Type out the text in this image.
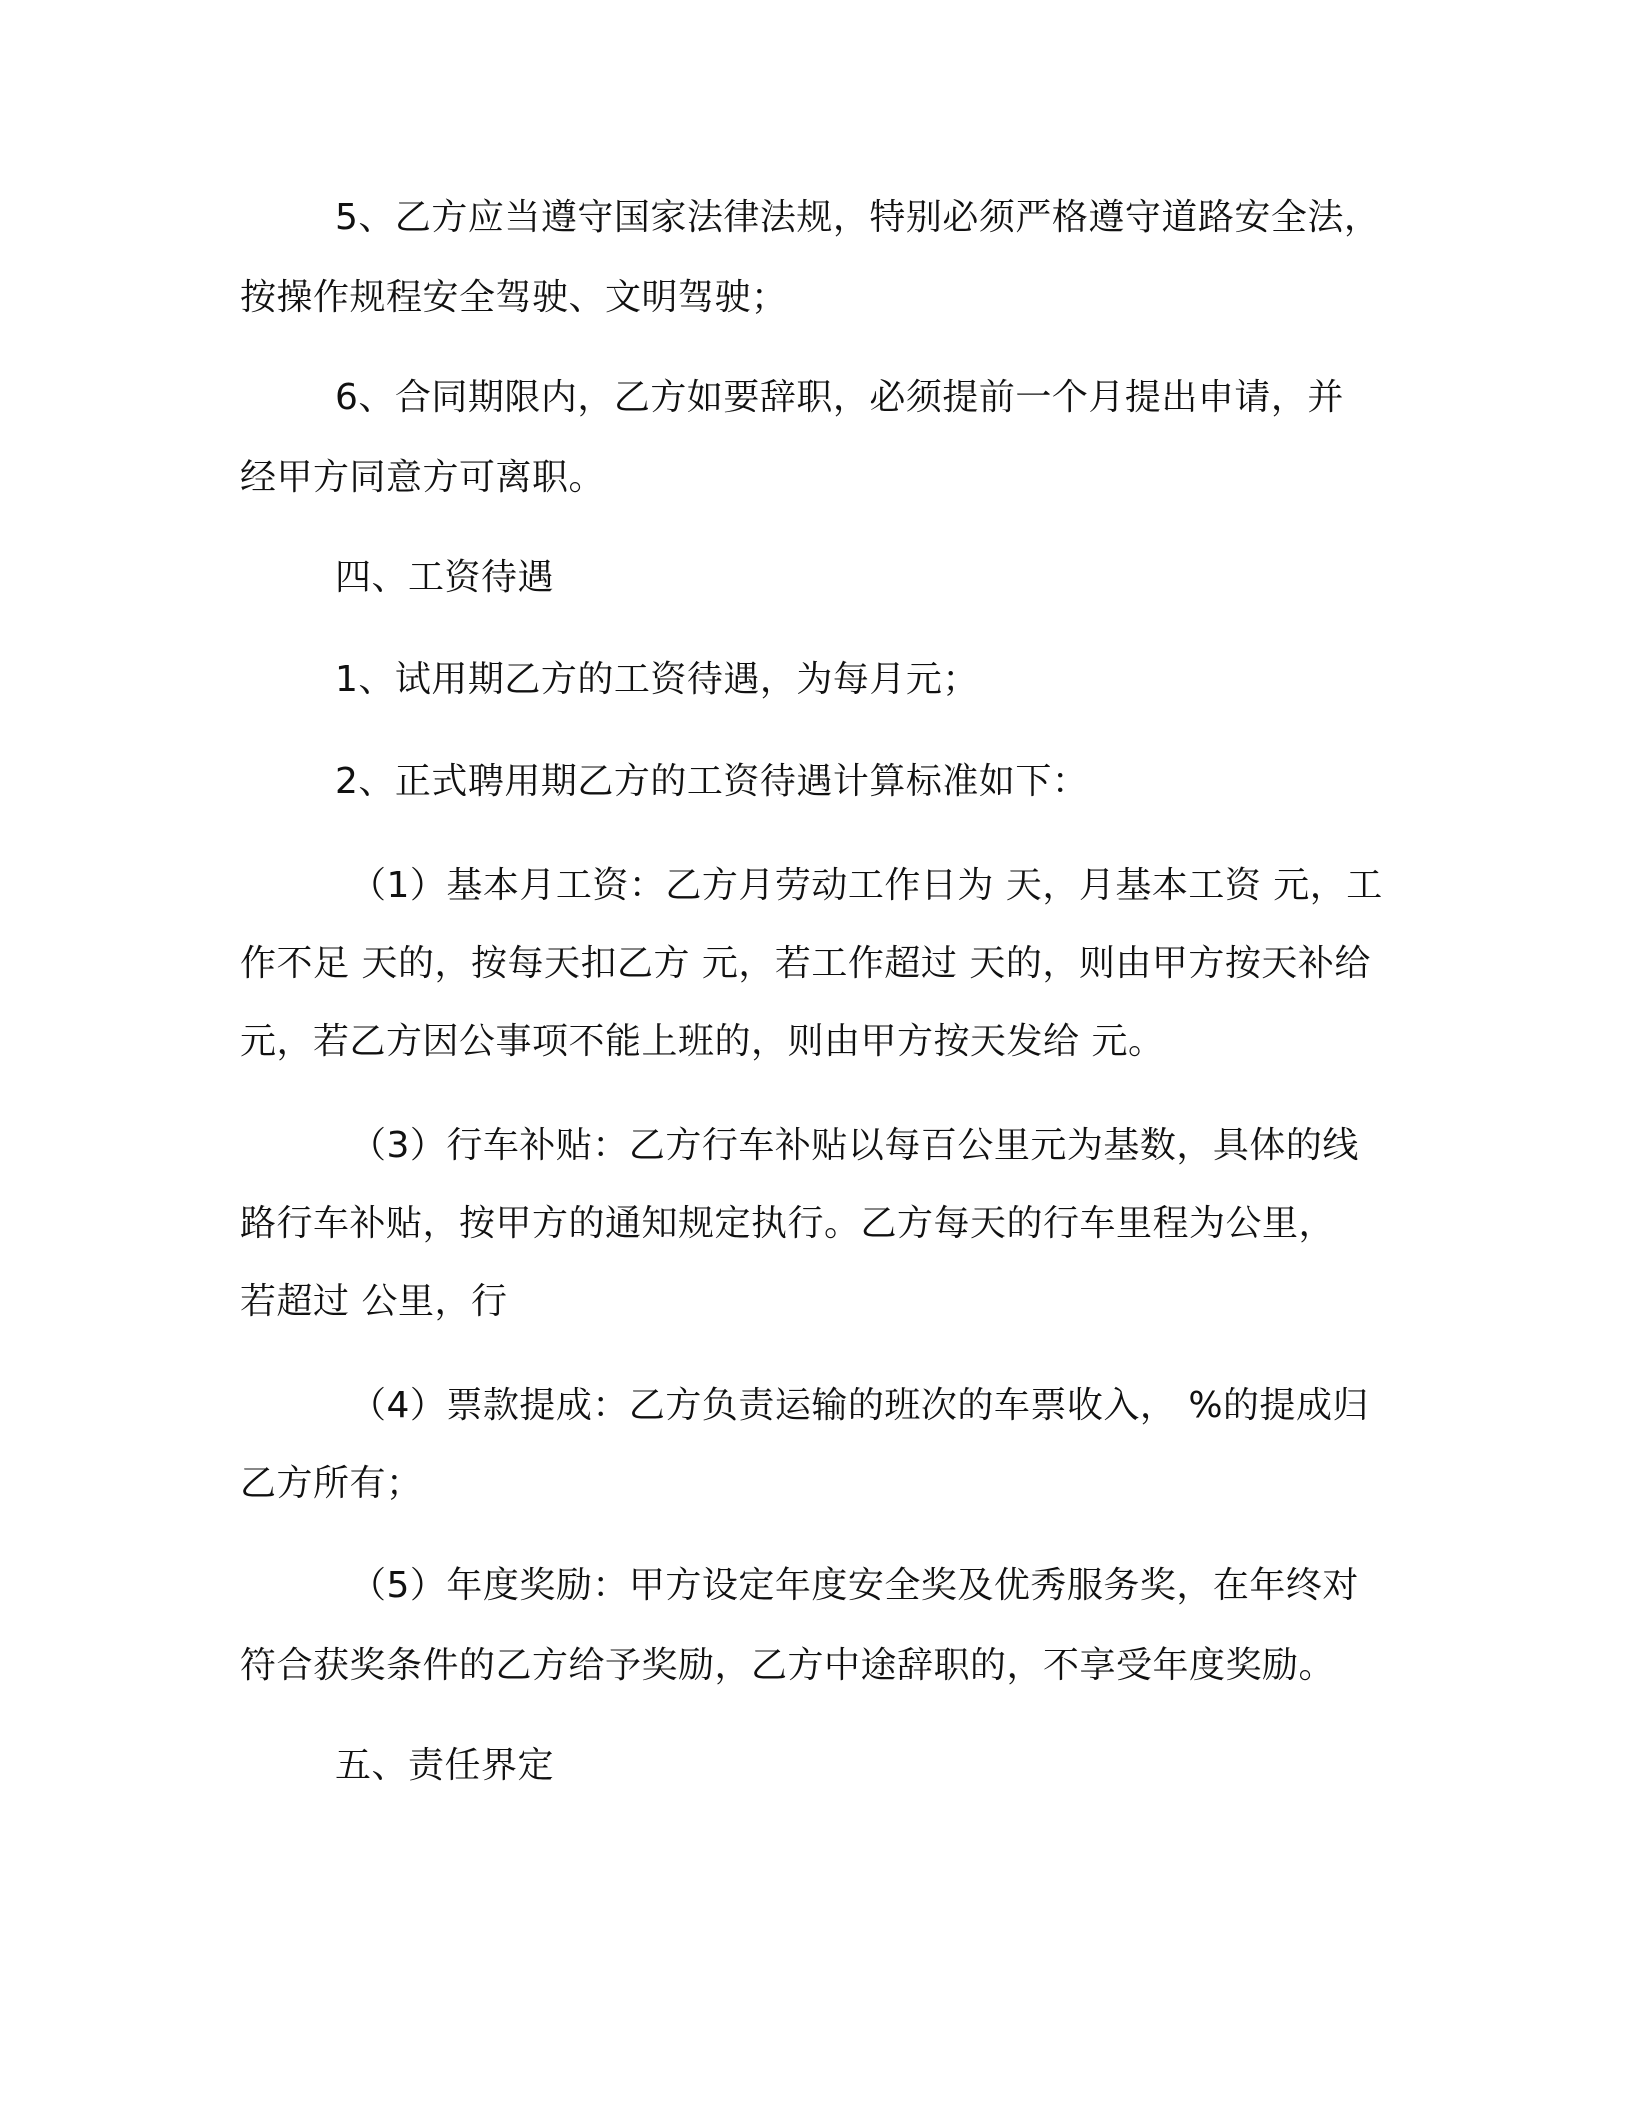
5、乙方应当遵守国家法律法规，特别必须严格遵守道路安全法，
按操作规程安全驾驶、文明驾驶；
6、合同期限内，乙方如要辞职，必须提前一个月提出申请，并
经甲方同意方可离职。
四、工资待遇
1、试用期乙方的工资待遇，为每月元；
2、正式聘用期乙方的工资待遇计算标准如下：
（1）基本月工资：乙方月劳动工作日为 天，月基本工资 元，工
作不足 天的，按每天扣乙方 元，若工作超过 天的，则由甲方按天补给
元，若乙方因公事项不能上班的，则由甲方按天发给 元。
（3）行车补贴：乙方行车补贴以每百公里元为基数，具体的线
路行车补贴，按甲方的通知规定执行。乙方每天的行车里程为公里，
若超过 公里，行
（4）票款提成：乙方负责运输的班次的车票收入， %的提成归
乙方所有；
（5）年度奖励：甲方设定年度安全奖及优秀服务奖，在年终对
符合获奖条件的乙方给予奖励，乙方中途辞职的，不享受年度奖励。
五、责任界定
